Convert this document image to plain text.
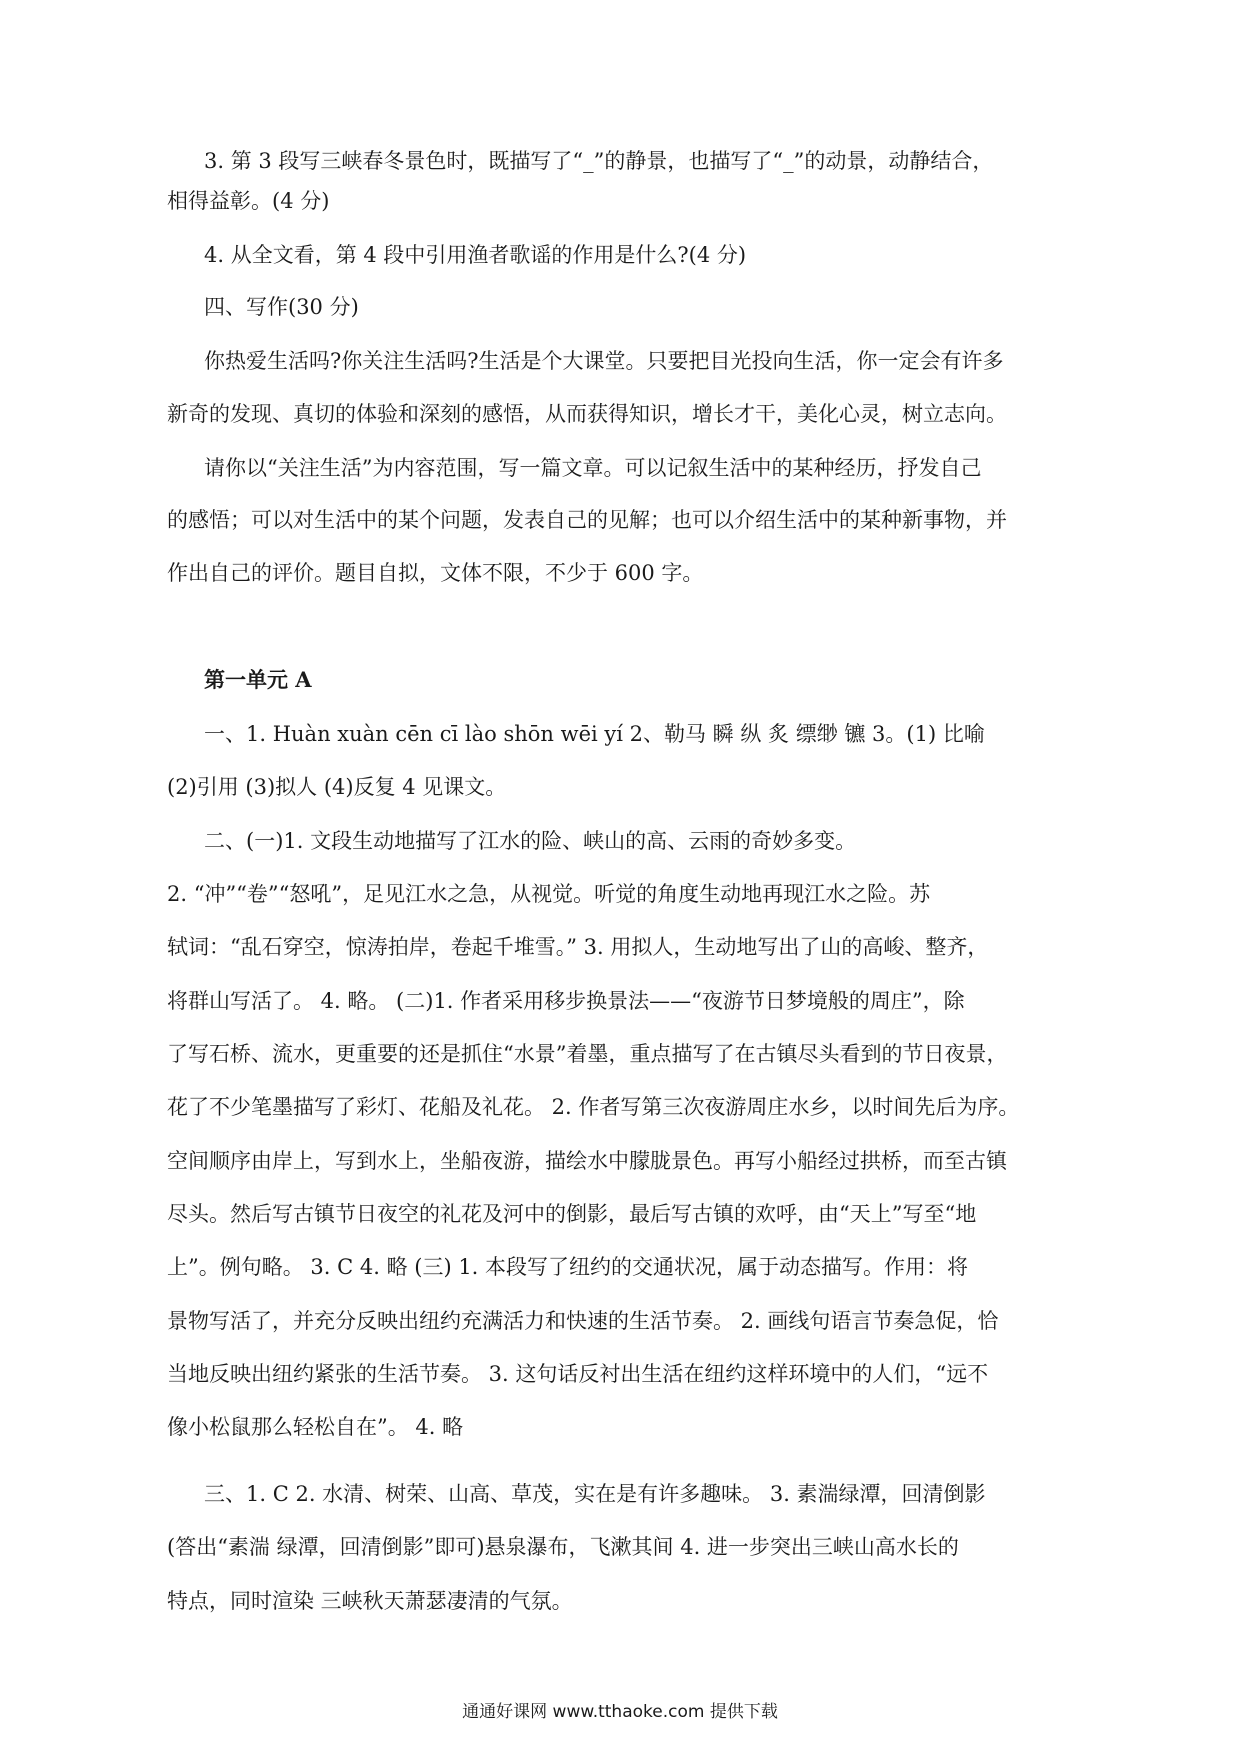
3. 第 3 段写三峡春冬景色时，既描写了“_”的静景，也描写了“_”的动景，动静结合，
相得益彰。(4 分)
4. 从全文看，第 4 段中引用渔者歌谣的作用是什么?(4 分)
四、写作(30 分)
你热爱生活吗?你关注生活吗?生活是个大课堂。只要把目光投向生活，你一定会有许多
新奇的发现、真切的体验和深刻的感悟，从而获得知识，增长才干，美化心灵，树立志向。
请你以“关注生活”为内容范围，写一篇文章。可以记叙生活中的某种经历，抒发自己
的感悟；可以对生活中的某个问题，发表自己的见解；也可以介绍生活中的某种新事物，并
作出自己的评价。题目自拟，文体不限，不少于 600 字。
第一单元 A
一、1. Huàn xuàn cēn cī lào shōn wēi yí 2、勒马 瞬 纵 炙 缥缈 镳 3。(1) 比喻
(2)引用 (3)拟人 (4)反复 4 见课文。
二、(一)1. 文段生动地描写了江水的险、峡山的高、云雨的奇妙多变。
2. “冲”“卷”“怒吼”，足见江水之急，从视觉。听觉的角度生动地再现江水之险。苏
轼词：“乱石穿空，惊涛拍岸，卷起千堆雪。” 3. 用拟人，生动地写出了山的高峻、整齐，
将群山写活了。 4. 略。 (二)1. 作者采用移步换景法——“夜游节日梦境般的周庄”，除
了写石桥、流水，更重要的还是抓住“水景”着墨，重点描写了在古镇尽头看到的节日夜景，
花了不少笔墨描写了彩灯、花船及礼花。 2. 作者写第三次夜游周庄水乡，以时间先后为序。
空间顺序由岸上，写到水上，坐船夜游，描绘水中朦胧景色。再写小船经过拱桥，而至古镇
尽头。然后写古镇节日夜空的礼花及河中的倒影，最后写古镇的欢呼，由“天上”写至“地
上”。例句略。 3. C 4. 略 (三) 1. 本段写了纽约的交通状况，属于动态描写。作用：将
景物写活了，并充分反映出纽约充满活力和快速的生活节奏。 2. 画线句语言节奏急促，恰
当地反映出纽约紧张的生活节奏。 3. 这句话反衬出生活在纽约这样环境中的人们，“远不
像小松鼠那么轻松自在”。 4. 略
三、1. C 2. 水清、树荣、山高、草茂，实在是有许多趣味。 3. 素湍绿潭，回清倒影
(答出“素湍 绿潭，回清倒影”即可)悬泉瀑布，飞漱其间 4. 进一步突出三峡山高水长的
特点，同时渲染 三峡秋天萧瑟凄清的气氛。
通通好课网 www.tthaoke.com 提供下载
